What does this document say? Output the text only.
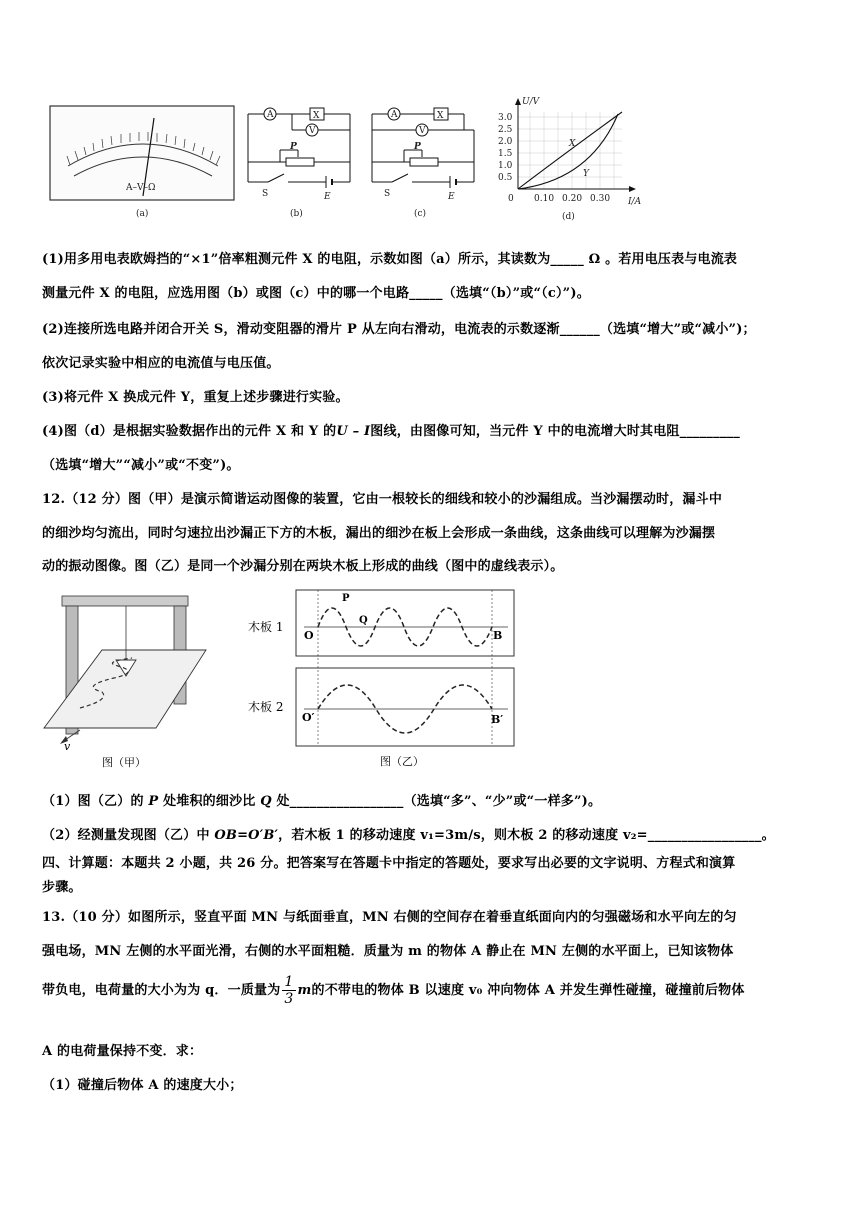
A–V–Ω
(a)
A	X
V
P
S	E
(b)
A	X
V
P
S	E
(c)
U/V
I/A
3.0
2.5
2.0
1.5
1.0
0.5
0 0.10 0.20 0.30
X
Y
(d)
(1)用多用电表欧姆挡的“×1”倍率粗测元件 X 的电阻，示数如图（a）所示，其读数为_____ Ω 。若用电压表与电流表
测量元件 X 的电阻，应选用图（b）或图（c）中的哪一个电路_____（选填“（b）”或“（c）”)。
(2)连接所选电路并闭合开关 S，滑动变阻器的滑片 P 从左向右滑动，电流表的示数逐渐______（选填“增大”或“减小”)；
依次记录实验中相应的电流值与电压值。
(3)将元件 X 换成元件 Y，重复上述步骤进行实验。
(4)图（d）是根据实验数据作出的元件 X 和 Y 的U – I图线，由图像可知，当元件 Y 中的电流增大时其电阻_________
（选填“增大”“减小”或“不变”)。
12.（12 分）图（甲）是演示简谐运动图像的装置，它由一根较长的细线和较小的沙漏组成。当沙漏摆动时，漏斗中
的细沙均匀流出，同时匀速拉出沙漏正下方的木板，漏出的细沙在板上会形成一条曲线，这条曲线可以理解为沙漏摆
动的振动图像。图（乙）是同一个沙漏分别在两块木板上形成的曲线（图中的虚线表示）。
v
图（甲）
木板 1
木板 2
O	B
P
Q
O′	B′
图（乙）
（1）图（乙）的 P 处堆积的细沙比 Q 处_________________（选填“多”、“少”或“一样多”)。
（2）经测量发现图（乙）中 OB=O′B′，若木板 1 的移动速度 v₁=3m/s，则木板 2 的移动速度 v₂=_________________。
四、计算题：本题共 2 小题，共 26 分。把答案写在答题卡中指定的答题处，要求写出必要的文字说明、方程式和演算
步骤。
13.（10 分）如图所示，竖直平面 MN 与纸面垂直，MN 右侧的空间存在着垂直纸面向内的匀强磁场和水平向左的匀
强电场，MN 左侧的水平面光滑，右侧的水平面粗糙．质量为 m 的物体 A 静止在 MN 左侧的水平面上，已知该物体
带负电，电荷量的大小为为 q．一质量为 $\frac{1}{3}$ m的不带电的物体 B 以速度 v₀ 冲向物体 A 并发生弹性碰撞，碰撞前后物体
A 的电荷量保持不变．求：
（1）碰撞后物体 A 的速度大小；
